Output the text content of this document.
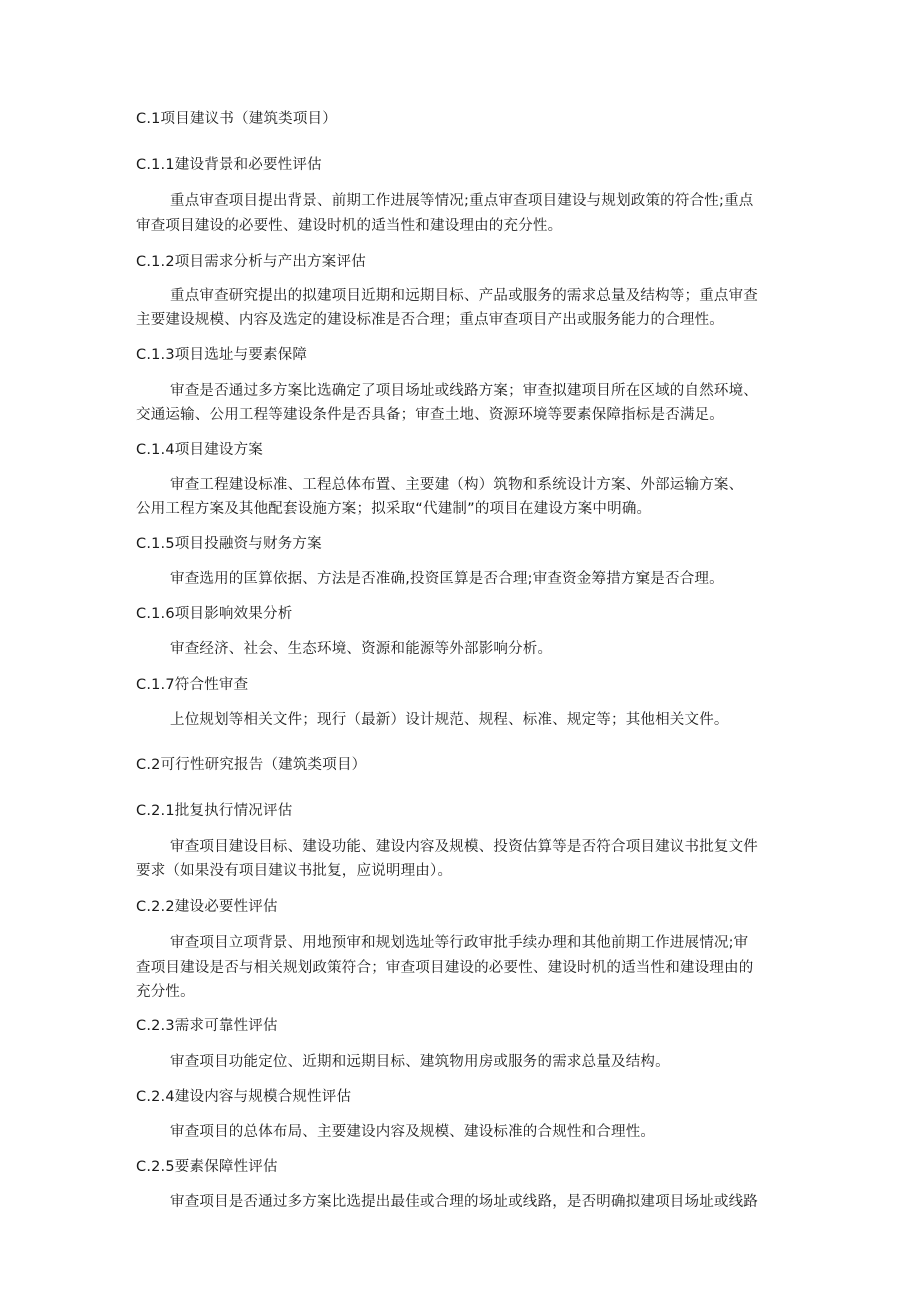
C.1项目建议书（建筑类项目）
C.1.1建设背景和必要性评估
重点审查项目提出背景、前期工作进展等情况;重点审查项目建设与规划政策的符合性;重点
审查项目建设的必要性、建设时机的适当性和建设理由的充分性。
C.1.2项目需求分析与产出方案评估
重点审查研究提出的拟建项目近期和远期目标、产品或服务的需求总量及结构等；重点审查
主要建设规模、内容及选定的建设标准是否合理；重点审查项目产出或服务能力的合理性。
C.1.3项目选址与要素保障
审查是否通过多方案比选确定了项目场址或线路方案；审查拟建项目所在区域的自然环境、
交通运输、公用工程等建设条件是否具备；审查土地、资源环境等要素保障指标是否满足。
C.1.4项目建设方案
审查工程建设标准、工程总体布置、主要建（构）筑物和系统设计方案、外部运输方案、
公用工程方案及其他配套设施方案；拟采取“代建制”的项目在建设方案中明确。
C.1.5项目投融资与财务方案
审查选用的匡算依据、方法是否准确,投资匡算是否合理;审查资金筹措方窠是否合理。
C.1.6项目影响效果分析
审查经济、社会、生态环境、资源和能源等外部影响分析。
C.1.7符合性审查
上位规划等相关文件；现行（最新）设计规范、规程、标准、规定等；其他相关文件。
C.2可行性研究报告（建筑类项目）
C.2.1批复执行情况评估
审查项目建设目标、建设功能、建设内容及规模、投资估算等是否符合项目建议书批复文件
要求（如果没有项目建议书批复，应说明理由）。
C.2.2建设必要性评估
审查项目立项背景、用地预审和规划选址等行政审批手续办理和其他前期工作进展情况;审
查项目建设是否与相关规划政策符合；审查项目建设的必要性、建设时机的适当性和建设理由的
充分性。
C.2.3需求可靠性评估
审查项目功能定位、近期和远期目标、建筑物用房或服务的需求总量及结构。
C.2.4建设内容与规模合规性评估
审查项目的总体布局、主要建设内容及规模、建设标准的合规性和合理性。
C.2.5要素保障性评估
审查项目是否通过多方案比选提出最佳或合理的场址或线路，是否明确拟建项目场址或线路
